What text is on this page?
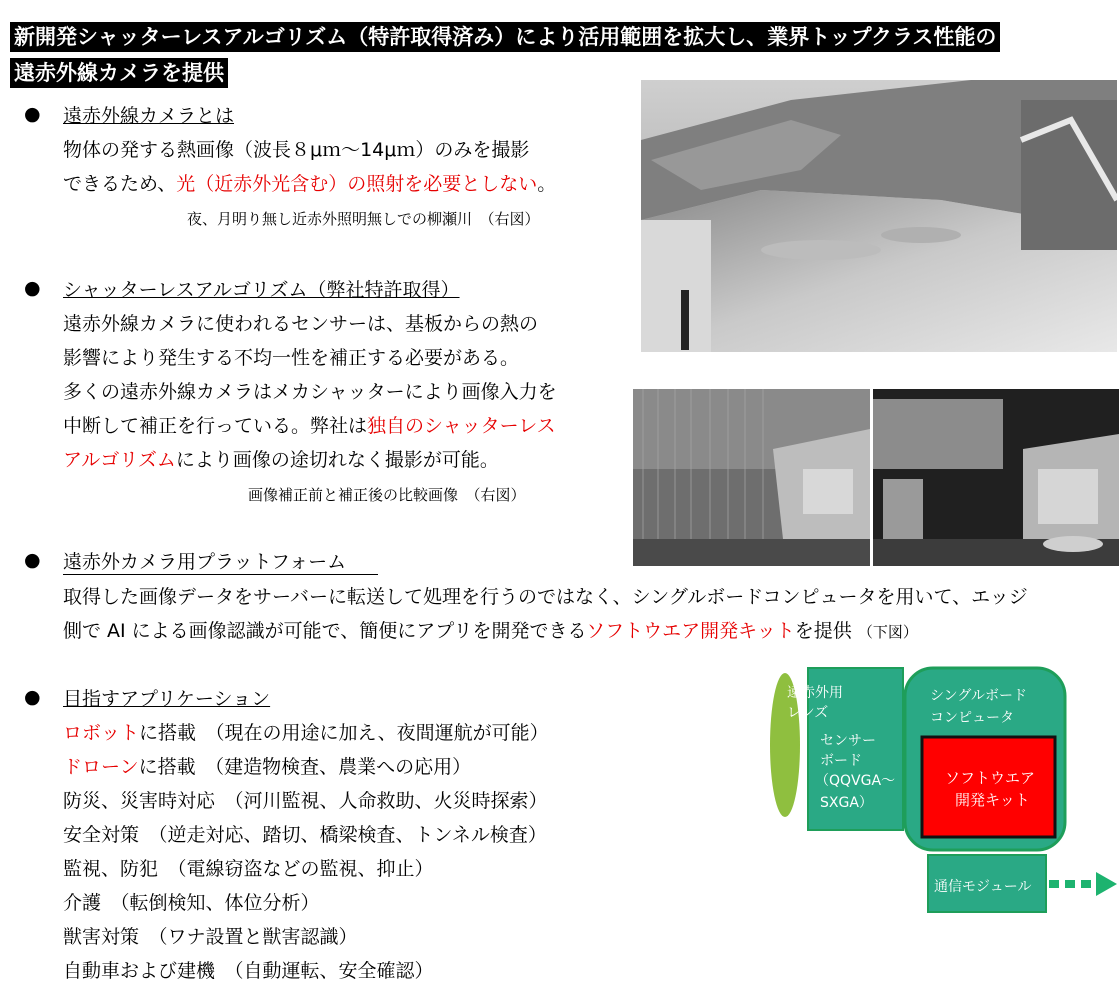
新開発シャッターレスアルゴリズム（特許取得済み）により活用範囲を拡大し、業界トップクラス性能の
遠赤外線カメラを提供
● 遠赤外線カメラとは
物体の発する熱画像（波長８μｍ〜14μｍ）のみを撮影
できるため、光（近赤外光含む）の照射を必要としない。
夜、月明り無し近赤外照明無しでの柳瀬川　（右図）
● シャッターレスアルゴリズム（弊社特許取得）
遠赤外線カメラに使われるセンサーは、基板からの熱の
影響により発生する不均一性を補正する必要がある。
多くの遠赤外線カメラはメカシャッターにより画像入力を
中断して補正を行っている。弊社は独自のシャッターレス
アルゴリズムにより画像の途切れなく撮影が可能。
画像補正前と補正後の比較画像　（右図）
● 遠赤外カメラ用プラットフォーム
取得した画像データをサーバーに転送して処理を行うのではなく、シングルボードコンピュータを用いて、エッジ
側で AI による画像認識が可能で、簡便にアプリを開発できるソフトウエア開発キットを提供 （下図）
● 目指すアプリケーション
ロボットに搭載　（現在の用途に加え、夜間運航が可能）
ドローンに搭載　（建造物検査、農業への応用）
防災、災害時対応　（河川監視、人命救助、火災時探索）
安全対策　（逆走対応、踏切、橋梁検査、トンネル検査）
監視、防犯　（電線窃盗などの監視、抑止）
介護　（転倒検知、体位分析）
獣害対策　（ワナ設置と獣害認識）
自動車および建機　（自動運転、安全確認）
遠赤外用
レンズ
センサー
ボード
（QQVGA〜
SXGA）
シングルボード
コンピュータ
ソフトウエア
開発キット
通信モジュール
